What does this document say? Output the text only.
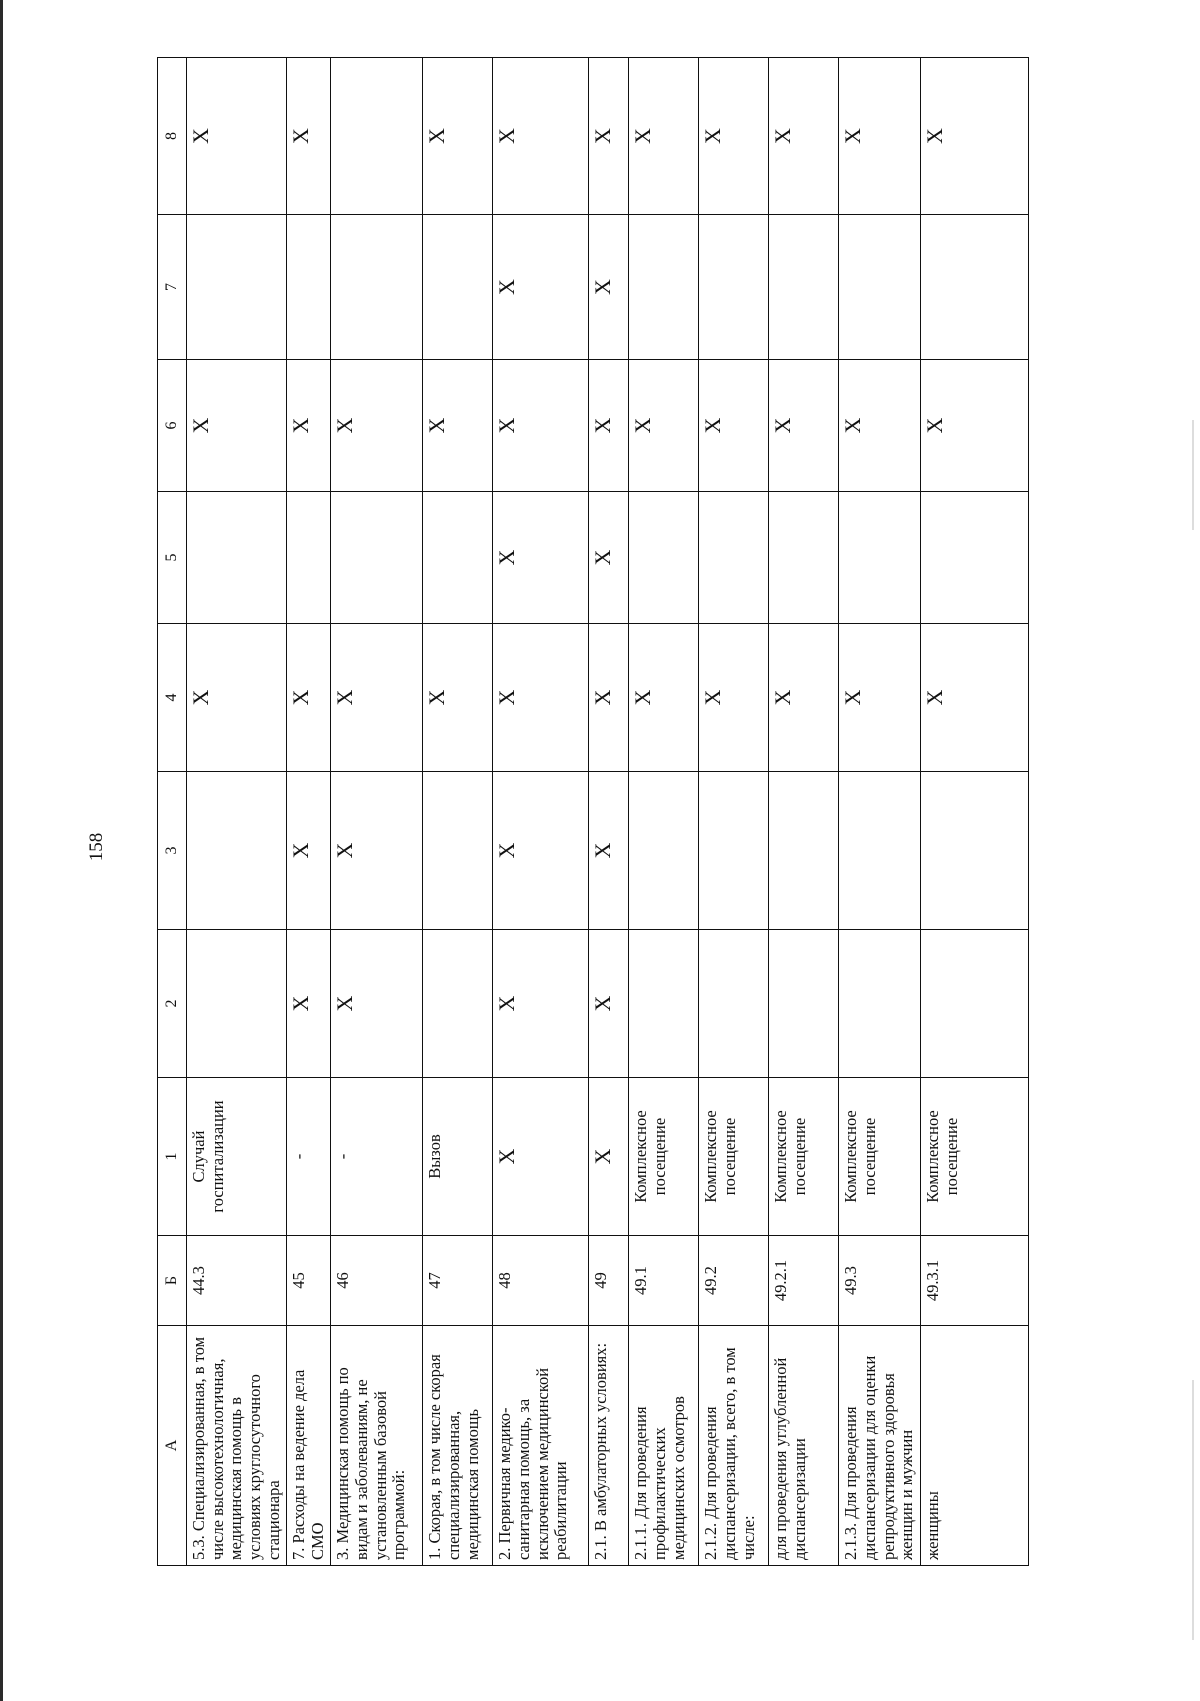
158
А	Б	1	2	3	4	5	6	7	8
5.3. Специализированная, в том числе высокотехнологичная, медицинская помощь в условиях круглосуточного стационара	44.3	Случай госпитализации			X		X		X
7. Расходы на ведение дела СМО	45	-	X	X	X		X		X
3. Медицинская помощь по видам и заболеваниям, не установленным базовой программой:	46	-	X	X	X		X		
1. Скорая, в том числе скорая специализированная, медицинская помощь	47	Вызов			X		X		X
2. Первичная медико-санитарная помощь, за исключением медицинской реабилитации	48	X	X	X	X	X	X	X	X
2.1. В амбулаторных условиях:	49	X	X	X	X	X	X	X	X
2.1.1. Для проведения профилактических медицинских осмотров	49.1	Комплексное посещение			X		X		X
2.1.2. Для проведения диспансеризации, всего, в том числе:	49.2	Комплексное посещение			X		X		X
для проведения углубленной диспансеризации	49.2.1	Комплексное посещение			X		X		X
2.1.3. Для проведения диспансеризации для оценки репродуктивного здоровья женщин и мужчин	49.3	Комплексное посещение			X		X		X
женщины	49.3.1	Комплексное посещение			X		X		X
